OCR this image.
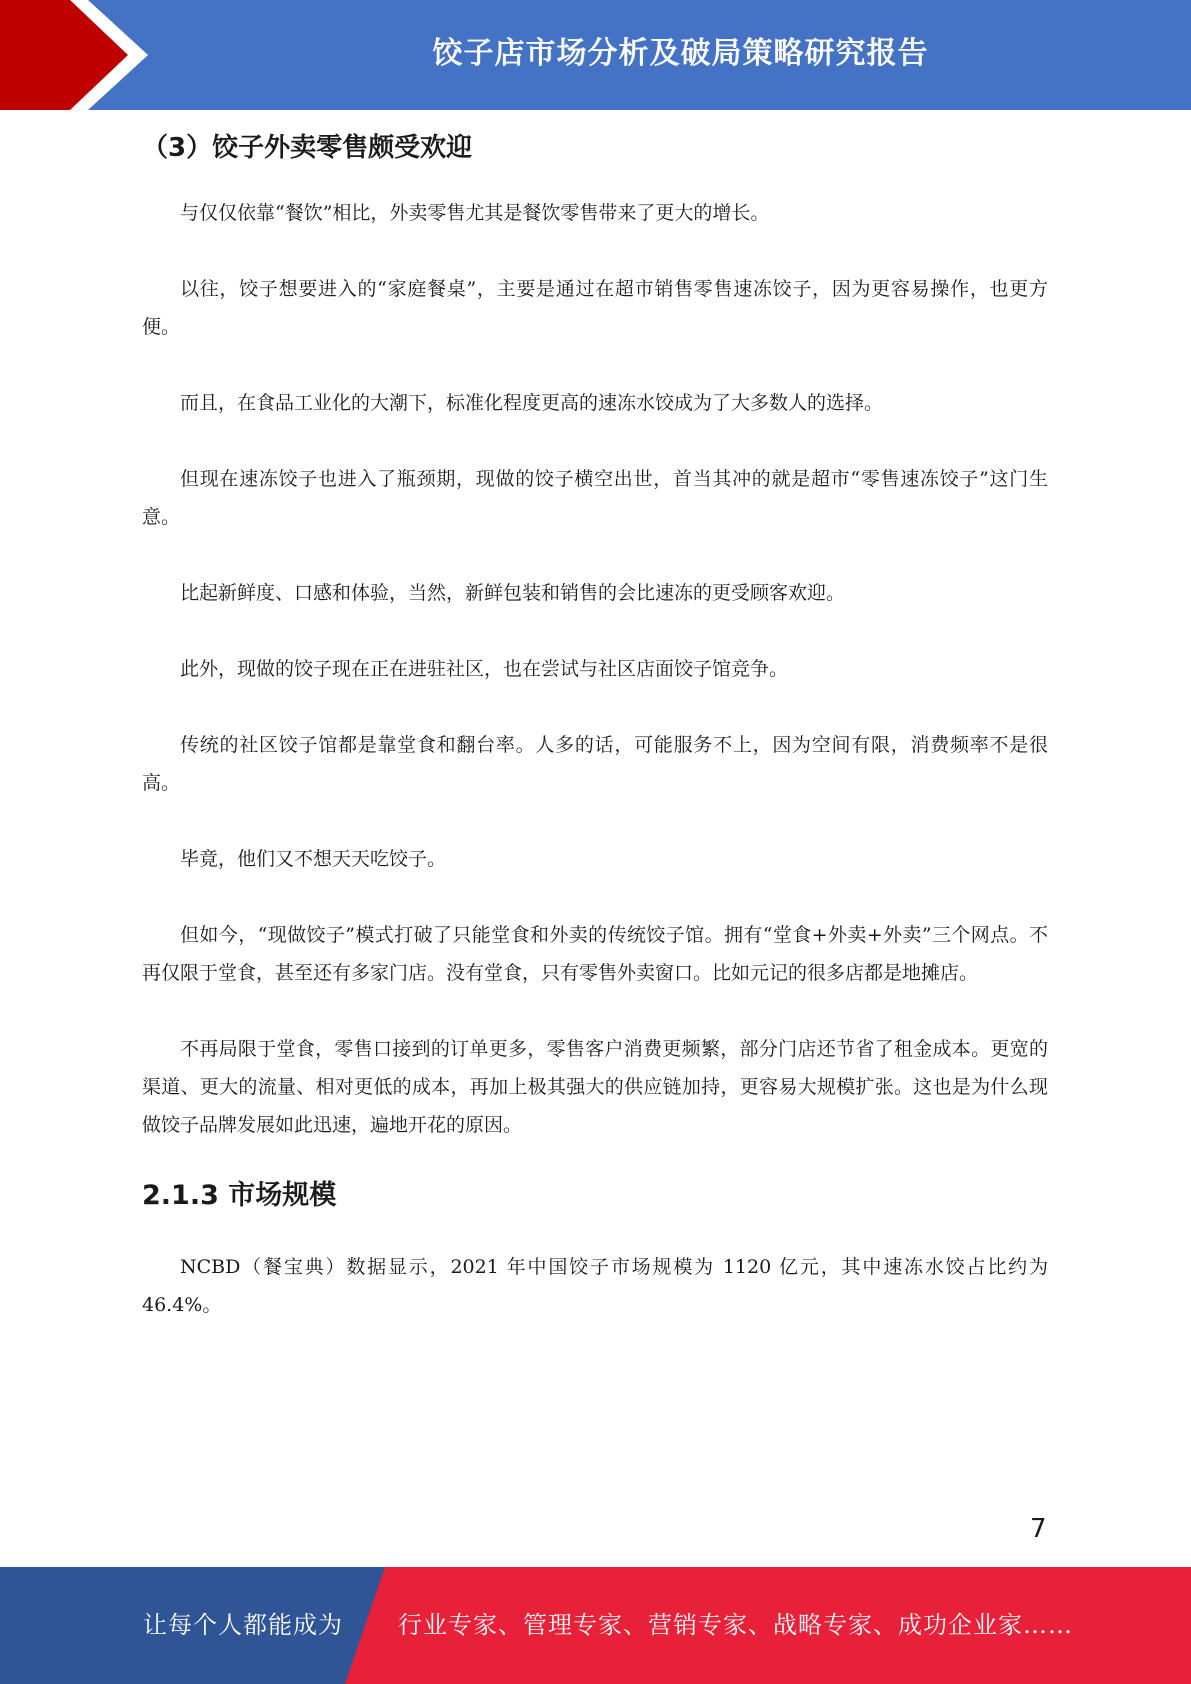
饺子店市场分析及破局策略研究报告
（3）饺子外卖零售颇受欢迎

与仅仅依靠“餐饮”相比，外卖零售尤其是餐饮零售带来了更大的增长。

以往，饺子想要进入的“家庭餐桌”，主要是通过在超市销售零售速冻饺子，因为更容易操作，也更方便。

而且，在食品工业化的大潮下，标准化程度更高的速冻水饺成为了大多数人的选择。

但现在速冻饺子也进入了瓶颈期，现做的饺子横空出世，首当其冲的就是超市“零售速冻饺子”这门生意。

比起新鲜度、口感和体验，当然，新鲜包装和销售的会比速冻的更受顾客欢迎。

此外，现做的饺子现在正在进驻社区，也在尝试与社区店面饺子馆竞争。

传统的社区饺子馆都是靠堂食和翻台率。人多的话，可能服务不上，因为空间有限，消费频率不是很高。

毕竟，他们又不想天天吃饺子。

但如今，“现做饺子”模式打破了只能堂食和外卖的传统饺子馆。拥有“堂食+外卖+外卖”三个网点。不再仅限于堂食，甚至还有多家门店。没有堂食，只有零售外卖窗口。比如元记的很多店都是地摊店。

不再局限于堂食，零售口接到的订单更多，零售客户消费更频繁，部分门店还节省了租金成本。更宽的渠道、更大的流量、相对更低的成本，再加上极其强大的供应链加持，更容易大规模扩张。这也是为什么现做饺子品牌发展如此迅速，遍地开花的原因。

2.1.3 市场规模

NCBD（餐宝典）数据显示，2021 年中国饺子市场规模为 1120 亿元，其中速冻水饺占比约为 46.4%。

7
让每个人都能成为 行业专家、管理专家、营销专家、战略专家、成功企业家……
